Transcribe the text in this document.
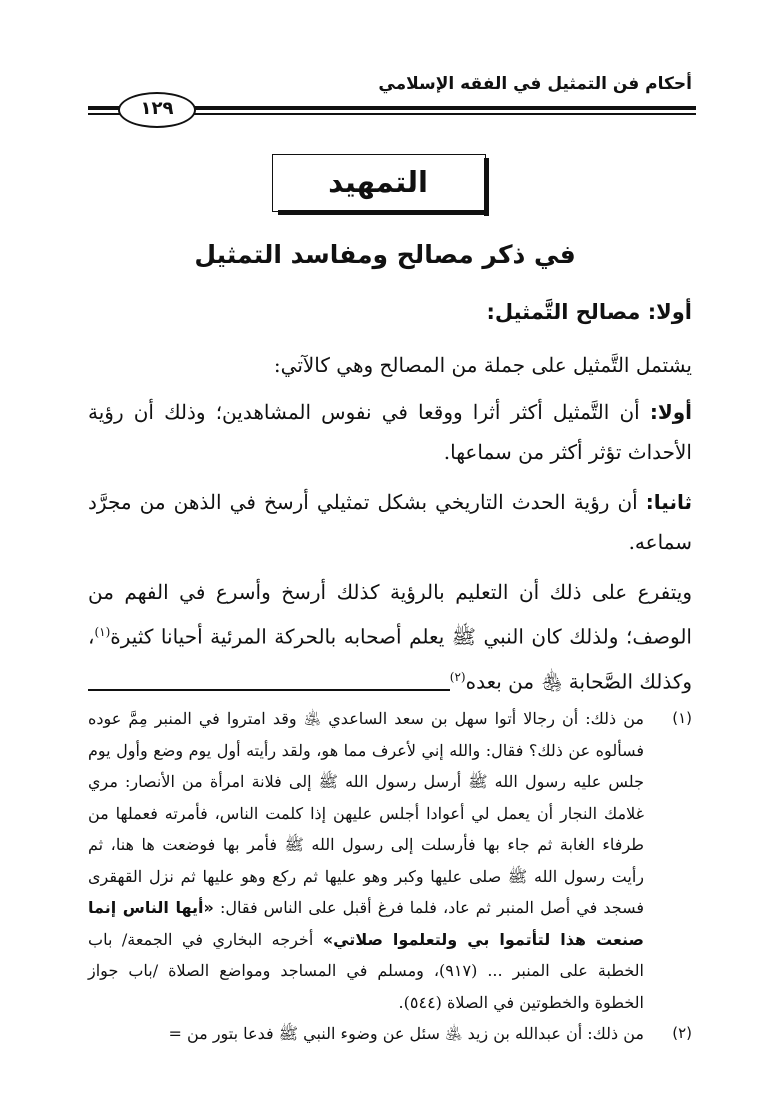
أحكام فن التمثيل في الفقه الإسلامي
١٢٩
التمهيد
في ذكر مصالح ومفاسد التمثيل
أولا: مصالح التَّمثيل:
يشتمل التَّمثيل على جملة من المصالح وهي كالآتي:
أولا: أن التَّمثيل أكثر أثرا ووقعا في نفوس المشاهدين؛ وذلك أن رؤية الأحداث تؤثر أكثر من سماعها.
ثانيا: أن رؤية الحدث التاريخي بشكل تمثيلي أرسخ في الذهن من مجرَّد سماعه.
ويتفرع على ذلك أن التعليم بالرؤية كذلك أرسخ وأسرع في الفهم من الوصف؛ ولذلك كان النبي ﷺ يعلم أصحابه بالحركة المرئية أحيانا كثيرة$^{(١)}$، وكذلك الصَّحابة ﵃ من بعده$^{(٢)}$
(١)
من ذلك: أن رجالا أتوا سهل بن سعد الساعدي ﵁ وقد امتروا في المنبر مِمَّ عوده فسألوه عن ذلك؟ فقال: والله إني لأعرف مما هو، ولقد رأيته أول يوم وضع وأول يوم جلس عليه رسول الله ﷺ أرسل رسول الله ﷺ إلى فلانة امرأة من الأنصار: مري غلامك النجار أن يعمل لي أعوادا أجلس عليهن إذا كلمت الناس، فأمرته فعملها من طرفاء الغابة ثم جاء بها فأرسلت إلى رسول الله ﷺ فأمر بها فوضعت ها هنا، ثم رأيت رسول الله ﷺ صلى عليها وكبر وهو عليها ثم ركع وهو عليها ثم نزل القهقرى فسجد في أصل المنبر ثم عاد، فلما فرغ أقبل على الناس فقال: «أيها الناس إنما صنعت هذا لتأتموا بي ولتعلموا صلاتي» أخرجه البخاري في الجمعة/ باب الخطبة على المنبر ... (٩١٧)، ومسلم في المساجد ومواضع الصلاة /باب جواز الخطوة والخطوتين في الصلاة (٥٤٤).
(٢)
من ذلك: أن عبدالله بن زيد ﵁ سئل عن وضوء النبي ﷺ فدعا بتور من =
